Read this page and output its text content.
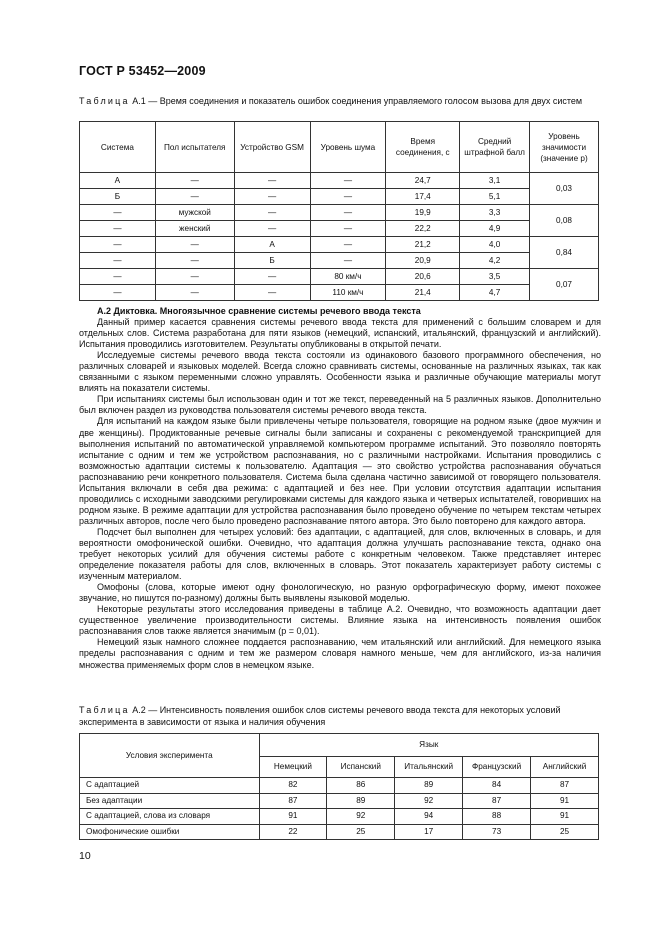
ГОСТ Р 53452—2009
Таблица А.1 — Время соединения и показатель ошибок соединения управляемого голосом вызова для двух систем
Система	Пол испытателя	Устройство GSM	Уровень шума	Время соединения, с	Средний штрафной балл	Уровень значимости (значение p)
А	—	—	—	24,7	3,1	0,03
Б	—	—	—	17,4	5,1	
—	мужской	—	—	19,9	3,3	0,08
—	женский	—	—	22,2	4,9	
—	—	А	—	21,2	4,0	0,84
—	—	Б	—	20,9	4,2	
—	—	—	80 км/ч	20,6	3,5	0,07
—	—	—	110 км/ч	21,4	4,7	

А.2 Диктовка. Многоязычное сравнение системы речевого ввода текста

Данный пример касается сравнения системы речевого ввода текста для применений с большим словарем и для отдельных слов. Система разработана для пяти языков (немецкий, испанский, итальянский, французский и английский). Испытания проводились изготовителем. Результаты опубликованы в открытой печати.

Исследуемые системы речевого ввода текста состояли из одинакового базового программного обеспечения, но различных словарей и языковых моделей. Всегда сложно сравнивать системы, основанные на различных языках, так как связанными с языком переменными сложно управлять. Особенности языка и различные обучающие материалы могут влиять на показатели системы.

При испытаниях системы был использован один и тот же текст, переведенный на 5 различных языков. Дополнительно был включен раздел из руководства пользователя системы речевого ввода текста.

Для испытаний на каждом языке были привлечены четыре пользователя, говорящие на родном языке (двое мужчин и две женщины). Продиктованные речевые сигналы были записаны и сохранены с рекомендуемой транскрипцией для выполнения испытаний по автоматической управляемой компьютером программе испытаний. Это позволяло повторять испытание с одним и тем же устройством распознавания, но с различными настройками. Испытания проводились с возможностью адаптации системы к пользователю. Адаптация — это свойство устройства распознавания обучаться распознаванию речи конкретного пользователя. Система была сделана частично зависимой от говорящего пользователя. Испытания включали в себя два режима: с адаптацией и без нее. При условии отсутствия адаптации испытания проводились с исходными заводскими регулировками системы для каждого языка и четверых испытателей, говоривших на родном языке. В режиме адаптации для устройства распознавания было проведено обучение по четырем текстам четырех различных авторов, после чего было проведено распознавание пятого автора. Это было повторено для каждого автора.

Подсчет был выполнен для четырех условий: без адаптации, с адаптацией, для слов, включенных в словарь, и для вероятности омофонической ошибки. Очевидно, что адаптация должна улучшать распознавание текста, однако она требует некоторых усилий для обучения системы работе с конкретным человеком. Также представляет интерес определение показателя работы для слов, включенных в словарь. Этот показатель характеризует работу системы с изученным материалом.

Омофоны (слова, которые имеют одну фонологическую, но разную орфографическую форму, имеют похожее звучание, но пишутся по-разному) должны быть выявлены языковой моделью.

Некоторые результаты этого исследования приведены в таблице А.2. Очевидно, что возможность адаптации дает существенное увеличение производительности системы. Влияние языка на интенсивность появления ошибок распознавания слов также является значимым (p = 0,01).

Немецкий язык намного сложнее поддается распознаванию, чем итальянский или английский. Для немецкого языка пределы распознавания с одним и тем же размером словаря намного меньше, чем для английского, из-за наличия множества применяемых форм слов в немецком языке.

Таблица А.2 — Интенсивность появления ошибок слов системы речевого ввода текста для некоторых условий эксперимента в зависимости от языка и наличия обучения
Условия эксперимента	Язык				
	Немецкий	Испанский	Итальянский	Французский	Английский
С адаптацией	82	86	89	84	87
Без адаптации	87	89	92	87	91
С адаптацией, слова из словаря	91	92	94	88	91
Омофонические ошибки	22	25	17	73	25
10
